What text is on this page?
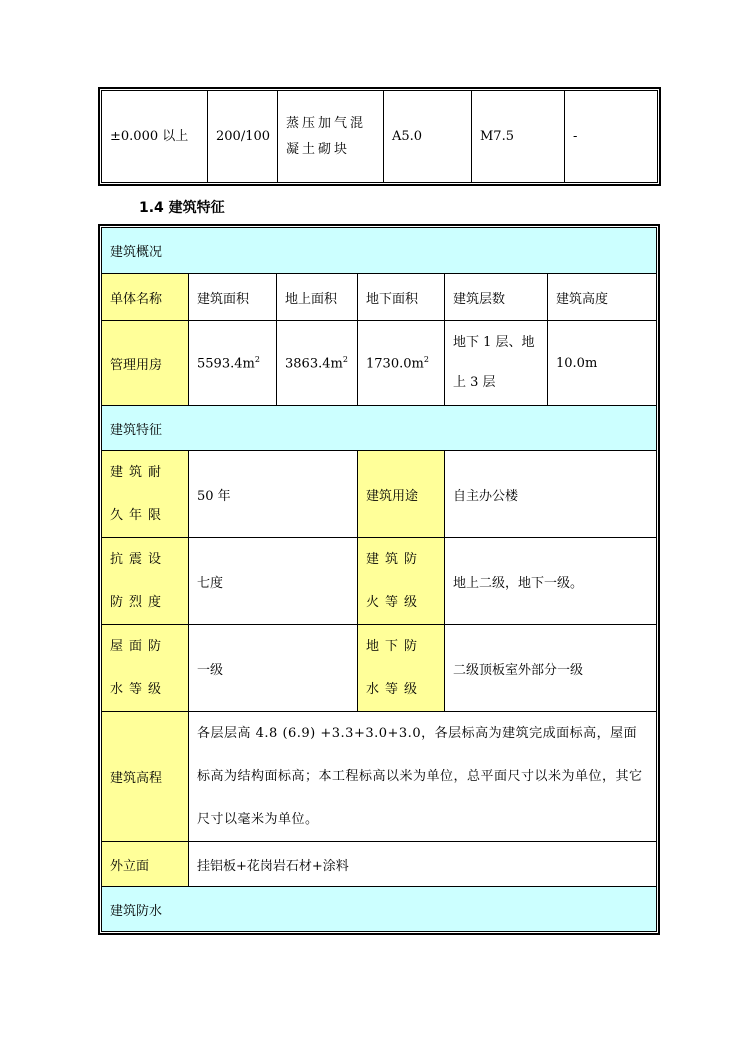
±0.000 以上	200/100	蒸压加气混凝土砌块	A5.0	M7.5	-
1.4 建筑特征
建筑概况					
单体名称	建筑面积	地上面积	地下面积	建筑层数	建筑高度
管理用房	$5593.4m^2$	$3863.4m^2$	$1730.0m^2$	地下 1 层、地上 3 层	10.0m
建筑特征					
建筑耐久年限	50 年		建筑用途	自主办公楼	
抗震设防烈度	七度		建筑防火等级	地上二级，地下一级。	
屋面防水等级	一级		地下防水等级	二级顶板室外部分一级	
建筑高程	各层层高 4.8 (6.9) +3.3+3.0+3.0，各层标高为建筑完成面标高，屋面标高为结构面标高；本工程标高以米为单位，总平面尺寸以米为单位，其它尺寸以毫米为单位。				
外立面	挂铝板+花岗岩石材+涂料				
建筑防水					
